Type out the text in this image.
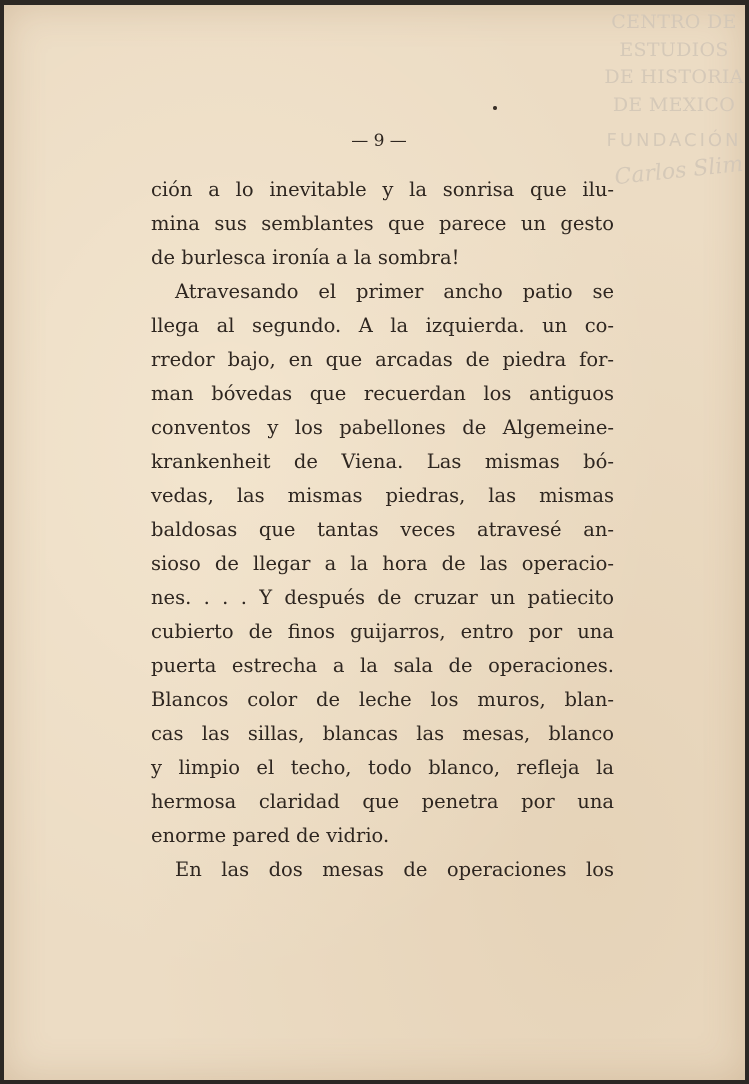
CENTRO DE
ESTUDIOS
DE HISTORIA
DE MEXICO
FUNDACIÓN
Carlos Slim
— 9 —
ción a lo inevitable y la sonrisa que ilu-
mina sus semblantes que parece un gesto
de burlesca ironía a la sombra!
Atravesando el primer ancho patio se
llega al segundo. A la izquierda. un co-
rredor bajo, en que arcadas de piedra for-
man bóvedas que recuerdan los antiguos
conventos y los pabellones de Algemeine-
krankenheit de Viena. Las mismas bó-
vedas, las mismas piedras, las mismas
baldosas que tantas veces atravesé an-
sioso de llegar a la hora de las operacio-
nes. . . . Y después de cruzar un patiecito
cubierto de finos guijarros, entro por una
puerta estrecha a la sala de operaciones.
Blancos color de leche los muros, blan-
cas las sillas, blancas las mesas, blanco
y limpio el techo, todo blanco, refleja la
hermosa claridad que penetra por una
enorme pared de vidrio.
En las dos mesas de operaciones los
